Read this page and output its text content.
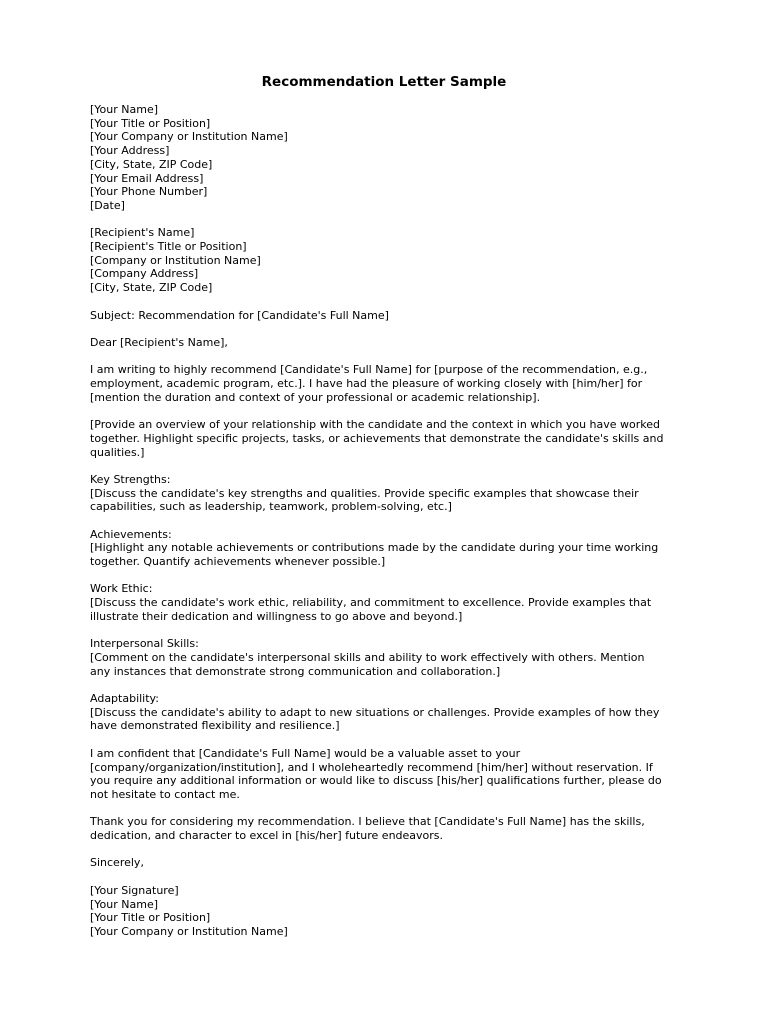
Recommendation Letter Sample
[Your Name]
[Your Title or Position]
[Your Company or Institution Name]
[Your Address]
[City, State, ZIP Code]
[Your Email Address]
[Your Phone Number]
[Date]
[Recipient's Name]
[Recipient's Title or Position]
[Company or Institution Name]
[Company Address]
[City, State, ZIP Code]
Subject: Recommendation for [Candidate's Full Name]
Dear [Recipient's Name],
I am writing to highly recommend [Candidate's Full Name] for [purpose of the recommendation, e.g.,
employment, academic program, etc.]. I have had the pleasure of working closely with [him/her] for
[mention the duration and context of your professional or academic relationship].
[Provide an overview of your relationship with the candidate and the context in which you have worked
together. Highlight specific projects, tasks, or achievements that demonstrate the candidate's skills and
qualities.]
Key Strengths:
[Discuss the candidate's key strengths and qualities. Provide specific examples that showcase their
capabilities, such as leadership, teamwork, problem-solving, etc.]
Achievements:
[Highlight any notable achievements or contributions made by the candidate during your time working
together. Quantify achievements whenever possible.]
Work Ethic:
[Discuss the candidate's work ethic, reliability, and commitment to excellence. Provide examples that
illustrate their dedication and willingness to go above and beyond.]
Interpersonal Skills:
[Comment on the candidate's interpersonal skills and ability to work effectively with others. Mention
any instances that demonstrate strong communication and collaboration.]
Adaptability:
[Discuss the candidate's ability to adapt to new situations or challenges. Provide examples of how they
have demonstrated flexibility and resilience.]
I am confident that [Candidate's Full Name] would be a valuable asset to your
[company/organization/institution], and I wholeheartedly recommend [him/her] without reservation. If
you require any additional information or would like to discuss [his/her] qualifications further, please do
not hesitate to contact me.
Thank you for considering my recommendation. I believe that [Candidate's Full Name] has the skills,
dedication, and character to excel in [his/her] future endeavors.
Sincerely,
[Your Signature]
[Your Name]
[Your Title or Position]
[Your Company or Institution Name]
